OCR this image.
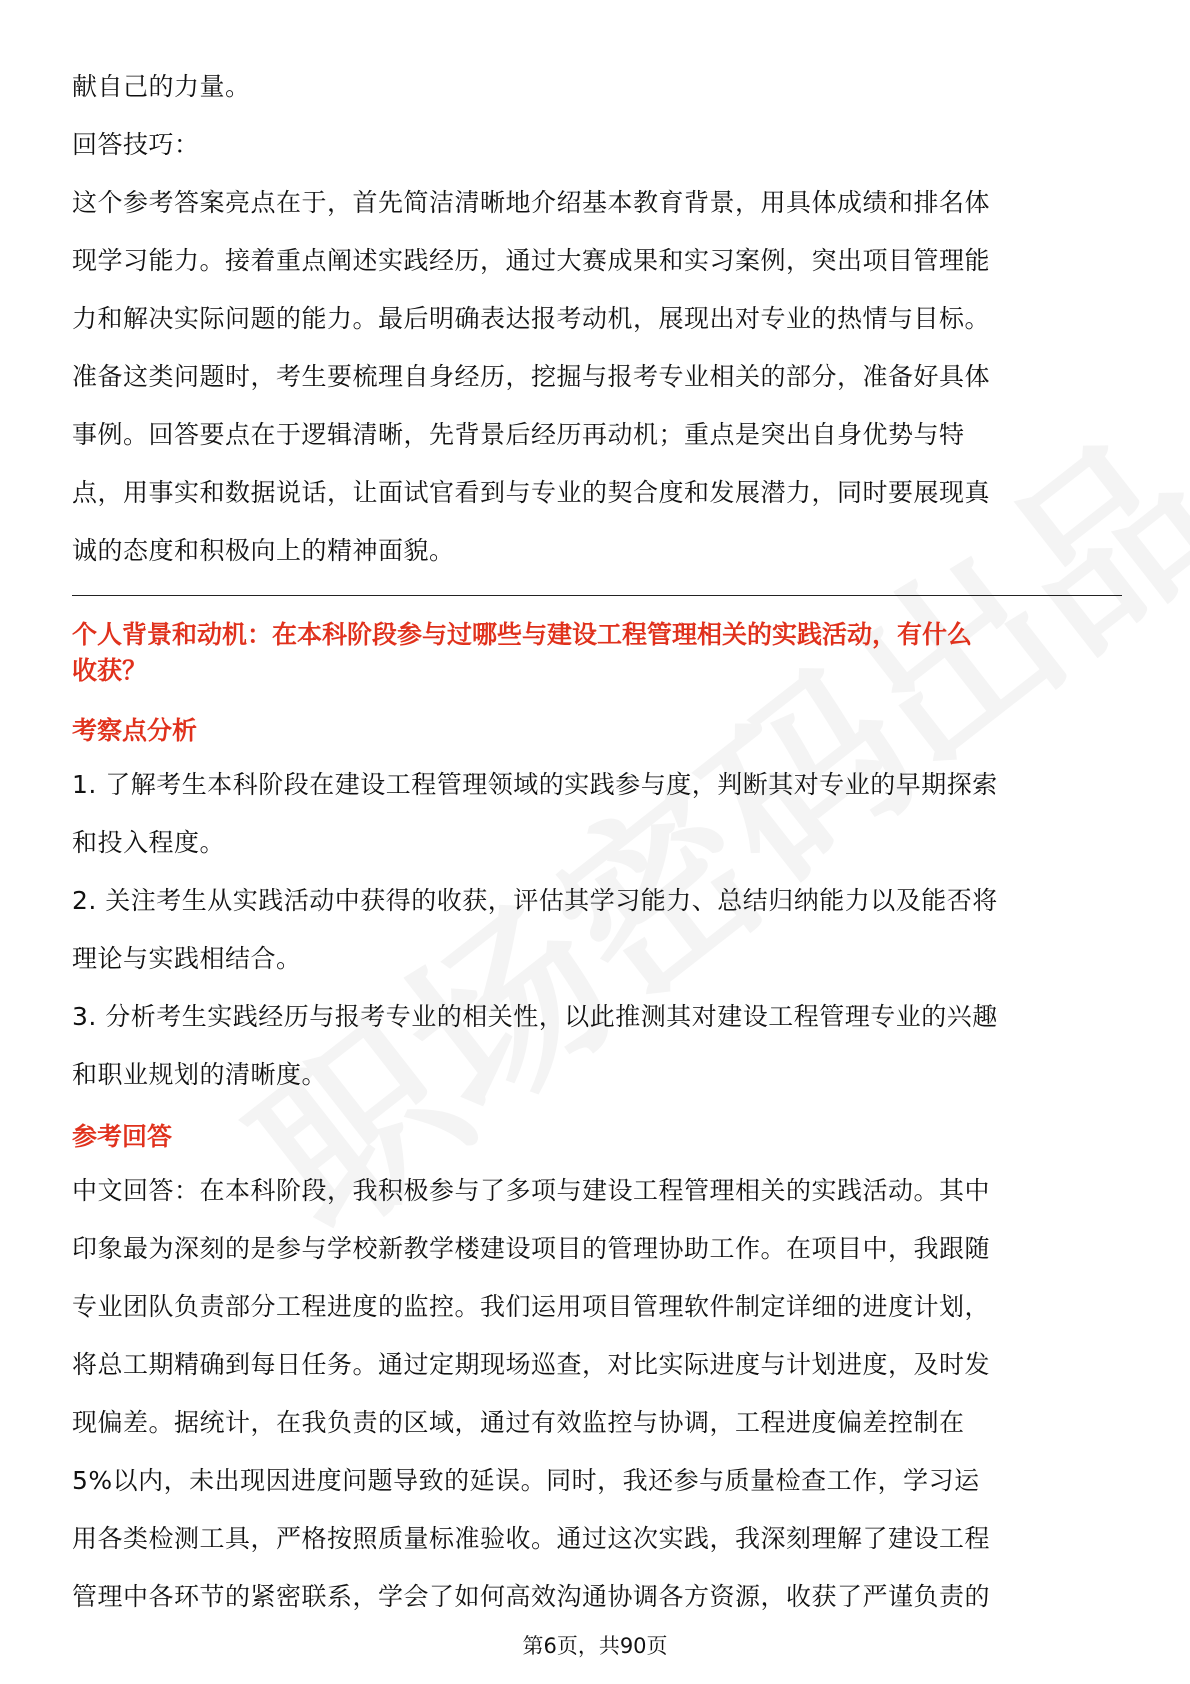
献自己的力量。

回答技巧：

这个参考答案亮点在于，首先简洁清晰地介绍基本教育背景，用具体成绩和排名体

现学习能力。接着重点阐述实践经历，通过大赛成果和实习案例，突出项目管理能

力和解决实际问题的能力。最后明确表达报考动机，展现出对专业的热情与目标。

准备这类问题时，考生要梳理自身经历，挖掘与报考专业相关的部分，准备好具体

事例。回答要点在于逻辑清晰，先背景后经历再动机；重点是突出自身优势与特

点，用事实和数据说话，让面试官看到与专业的契合度和发展潜力，同时要展现真

诚的态度和积极向上的精神面貌。

个人背景和动机：在本科阶段参与过哪些与建设工程管理相关的实践活动，有什么
收获？
考察点分析

1. 了解考生本科阶段在建设工程管理领域的实践参与度，判断其对专业的早期探索

和投入程度。

2. 关注考生从实践活动中获得的收获，评估其学习能力、总结归纳能力以及能否将

理论与实践相结合。

3. 分析考生实践经历与报考专业的相关性，以此推测其对建设工程管理专业的兴趣

和职业规划的清晰度。

参考回答

中文回答：在本科阶段，我积极参与了多项与建设工程管理相关的实践活动。其中

印象最为深刻的是参与学校新教学楼建设项目的管理协助工作。在项目中，我跟随

专业团队负责部分工程进度的监控。我们运用项目管理软件制定详细的进度计划，

将总工期精确到每日任务。通过定期现场巡查，对比实际进度与计划进度，及时发

现偏差。据统计，在我负责的区域，通过有效监控与协调，工程进度偏差控制在

5%以内，未出现因进度问题导致的延误。同时，我还参与质量检查工作，学习运

用各类检测工具，严格按照质量标准验收。通过这次实践，我深刻理解了建设工程

管理中各环节的紧密联系，学会了如何高效沟通协调各方资源，收获了严谨负责的

第6页，共90页
